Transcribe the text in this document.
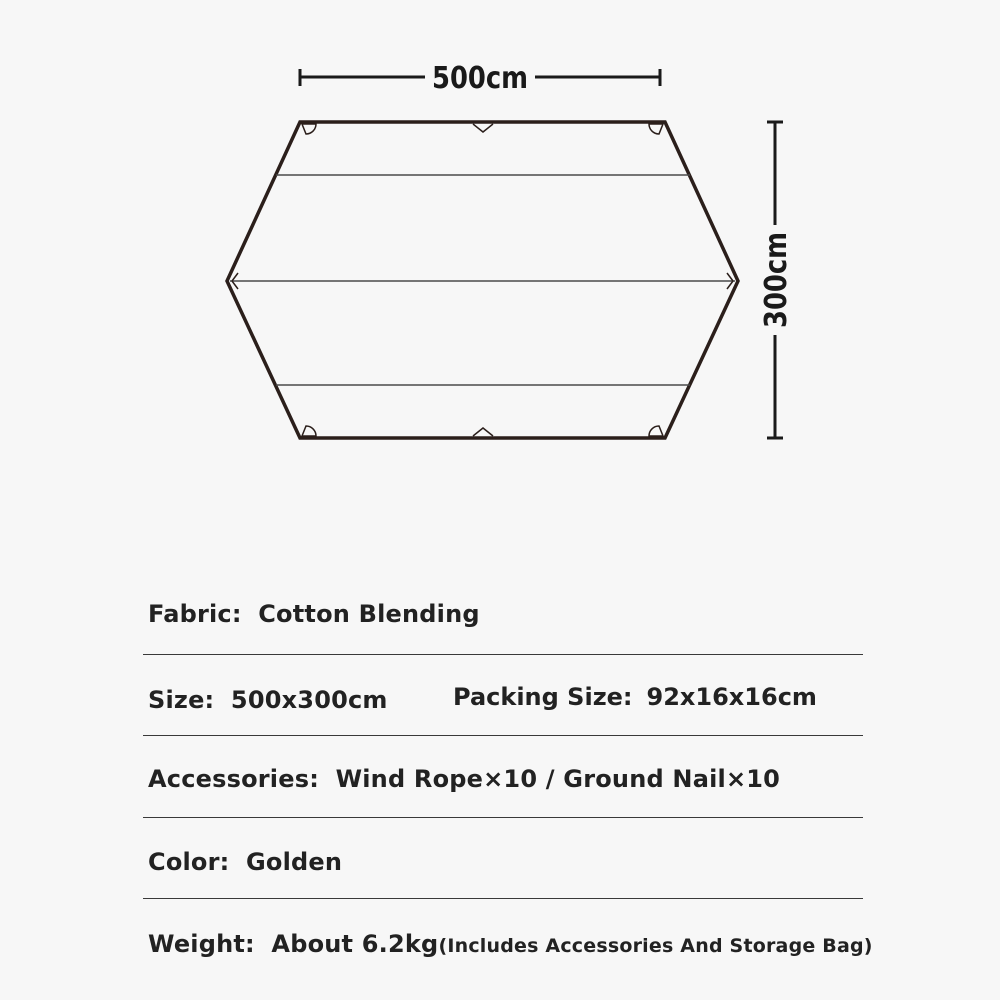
500cm
300cm
Fabric: Cotton Blending
Size: 500x300cm	Packing Size: 92x16x16cm
Accessories: Wind Rope×10 / Ground Nail×10
Color: Golden
Weight: About 6.2kg(Includes Accessories And Storage Bag)
